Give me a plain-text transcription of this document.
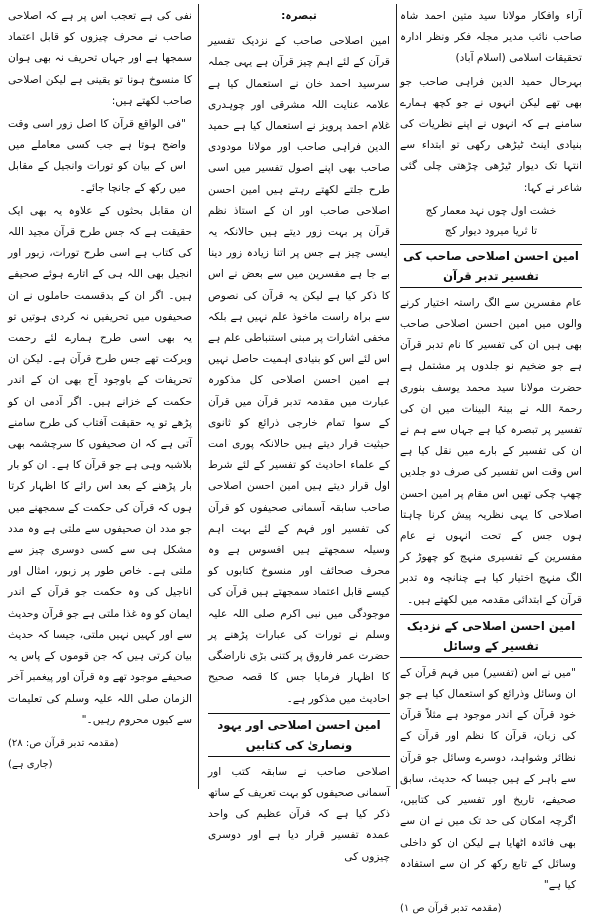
آراء وافکار مولانا سید متین احمد شاہ صاحب نائب مدیر مجلہ فکر ونظر ادارہ تحقیقات اسلامی (اسلام آباد)

بہرحال حمید الدین فراہی صاحب جو بھی تھے لیکن انہوں نے جو کچھ ہمارے سامنے ہے کہ انہوں نے اپنے نظریات کی بنیادی اینٹ ٹیڑھی رکھی تو ابتداء سے انتہا تک دیوار ٹیڑھی چڑھتی چلی گئی شاعر نے کہا:

خشت اول چوں نہد معمار کج
تا ثریا میرود دیوار کج
امین احسن اصلاحی صاحب کی تفسیر تدبر قرآن

عام مفسرین سے الگ راستہ اختیار کرنے والوں میں امین احسن اصلاحی صاحب بھی ہیں ان کی تفسیر کا نام تدبر قرآن ہے جو ضخیم نو جلدوں پر مشتمل ہے حضرت مولانا سید محمد یوسف بنوری رحمۃ اللہ نے بینۃ البینات میں ان کی تفسیر پر تبصرہ کیا ہے جہاں سے ہم نے ان کی تفسیر کے بارے میں نقل کیا ہے اس وقت اس تفسیر کی صرف دو جلدیں چھپ چکی تھیں اس مقام پر امین احسن اصلاحی کا یہی نظریہ پیش کرنا چاہتا ہوں جس کے تحت انہوں نے عام مفسرین کے تفسیری منہج کو چھوڑ کر الگ منہج اختیار کیا ہے چنانچہ وہ تدبر قرآن کے ابتدائی مقدمہ میں لکھتے ہیں۔

امین احسن اصلاحی کے نزدیک تفسیر کے وسائل

"میں نے اس (تفسیر) میں فہم قرآن کے ان وسائل وذرائع کو استعمال کیا ہے جو خود قرآن کے اندر موجود ہے مثلاً قرآن کی زبان، قرآن کا نظم اور قرآن کے نظائر وشواہد، دوسرے وسائل جو قرآن سے باہر کے ہیں جیسا کہ حدیث، سابق صحیفے، تاریخ اور تفسیر کی کتابیں، اگرچہ امکان کی حد تک میں نے ان سے بھی فائدہ اٹھایا ہے لیکن ان کو داخلی وسائل کے تابع رکھ کر ان سے استفادہ کیا ہے"

(مقدمہ تدبر قرآن ص ۱)
تبصرہ:

امین اصلاحی صاحب کے نزدیک تفسیر قرآن کے لئے اہم چیز قرآن ہے یہی جملہ سرسید احمد خان نے استعمال کیا ہے علامہ عنایت اللہ مشرقی اور چوہدری غلام احمد پرویز نے استعمال کیا ہے حمید الدین فراہی صاحب اور مولانا مودودی صاحب بھی اپنے اصول تفسیر میں اسی طرح جلتے لکھتے رہتے ہیں امین احسن اصلاحی صاحب اور ان کے استاذ نظم قرآن پر بہت زور دیتے ہیں حالانکہ یہ ایسی چیز ہے جس پر اتنا زیادہ زور دینا بے جا ہے مفسرین میں سے بعض نے اس کا ذکر کیا ہے لیکن یہ قرآن کی نصوص سے براہ راست ماخوذ علم نہیں ہے بلکہ مخفی اشارات پر مبنی استنباطی علم ہے اس لئے اس کو بنیادی اہمیت حاصل نہیں ہے امین احسن اصلاحی کل مذکورہ عبارت میں مقدمہ تدبر قرآن میں قرآن کے سوا تمام خارجی ذرائع کو ثانوی حیثیت قرار دیتے ہیں حالانکہ پوری امت کے علماء احادیث کو تفسیر کے لئے شرط اول قرار دیتے ہیں امین احسن اصلاحی صاحب سابقہ آسمانی صحیفوں کو قرآن کی تفسیر اور فہم کے لئے بہت اہم وسیلہ سمجھتے ہیں افسوس ہے وہ محرف صحائف اور منسوخ کتابوں کو کیسے قابل اعتماد سمجھتے ہیں قرآن کی موجودگی میں نبی اکرم صلی اللہ علیہ وسلم نے تورات کی عبارات پڑھنے پر حضرت عمر فاروق پر کتنی بڑی ناراضگی کا اظہار فرمایا جس کا قصہ صحیح احادیث میں مذکور ہے۔

امین احسن اصلاحی اور یہود ونصاریٰ کی کتابیں

اصلاحی صاحب نے سابقہ کتب اور آسمانی صحیفوں کو بہت تعریف کے ساتھ ذکر کیا ہے کہ قرآن عظیم کی واحد عمدہ تفسیر قرار دیا ہے اور دوسری چیزوں کی

نفی کی ہے تعجب اس پر ہے کہ اصلاحی صاحب نے محرف چیزوں کو قابل اعتماد سمجھا ہے اور جہاں تحریف نہ بھی ہوان کا منسوخ ہونا تو یقینی ہے لیکن اصلاحی صاحب لکھتے ہیں:

"فی الواقع قرآن کا اصل زور اسی وقت واضح ہوتا ہے جب کسی معاملے میں اس کے بیان کو تورات وانجیل کے مقابل میں رکھ کے جانچا جائے۔

ان مقابل بحثوں کے علاوہ یہ بھی ایک حقیقت ہے کہ جس طرح قرآن مجید اللہ کی کتاب ہے اسی طرح تورات، زبور اور انجیل بھی اللہ ہی کے اتارے ہوئے صحیفے ہیں۔ اگر ان کے بدقسمت حاملوں نے ان صحیفوں میں تحریفیں نہ کردی ہوتیں تو یہ بھی اسی طرح ہمارے لئے رحمت وبرکت تھے جس طرح قرآن ہے۔ لیکن ان تحریفات کے باوجود آج بھی ان کے اندر حکمت کے خزانے ہیں۔ اگر آدمی ان کو پڑھے تو یہ حقیقت آفتاب کی طرح سامنے آتی ہے کہ ان صحیفوں کا سرچشمہ بھی بلاشبہ وہی ہے جو قرآن کا ہے۔ ان کو بار بار پڑھنے کے بعد اس رائے کا اظہار کرتا ہوں کہ قرآن کی حکمت کے سمجھنے میں جو مدد ان صحیفوں سے ملتی ہے وہ مدد مشکل ہی سے کسی دوسری چیز سے ملتی ہے۔ خاص طور پر زبور، امثال اور اناجیل کی وہ حکمت جو قرآن کے اندر ایمان کو وہ غذا ملتی ہے جو قرآن وحدیث سے اور کہیں نہیں ملتی، جیسا کہ حدیث بیان کرتی ہیں کہ جن قوموں کے پاس یہ صحیفے موجود تھے وہ قرآن اور پیغمبر آخر الزمان صلی اللہ علیہ وسلم کی تعلیمات سے کیوں محروم رہیں۔"

(مقدمہ تدبر قرآن ص: ۲۸)
(جاری ہے)
